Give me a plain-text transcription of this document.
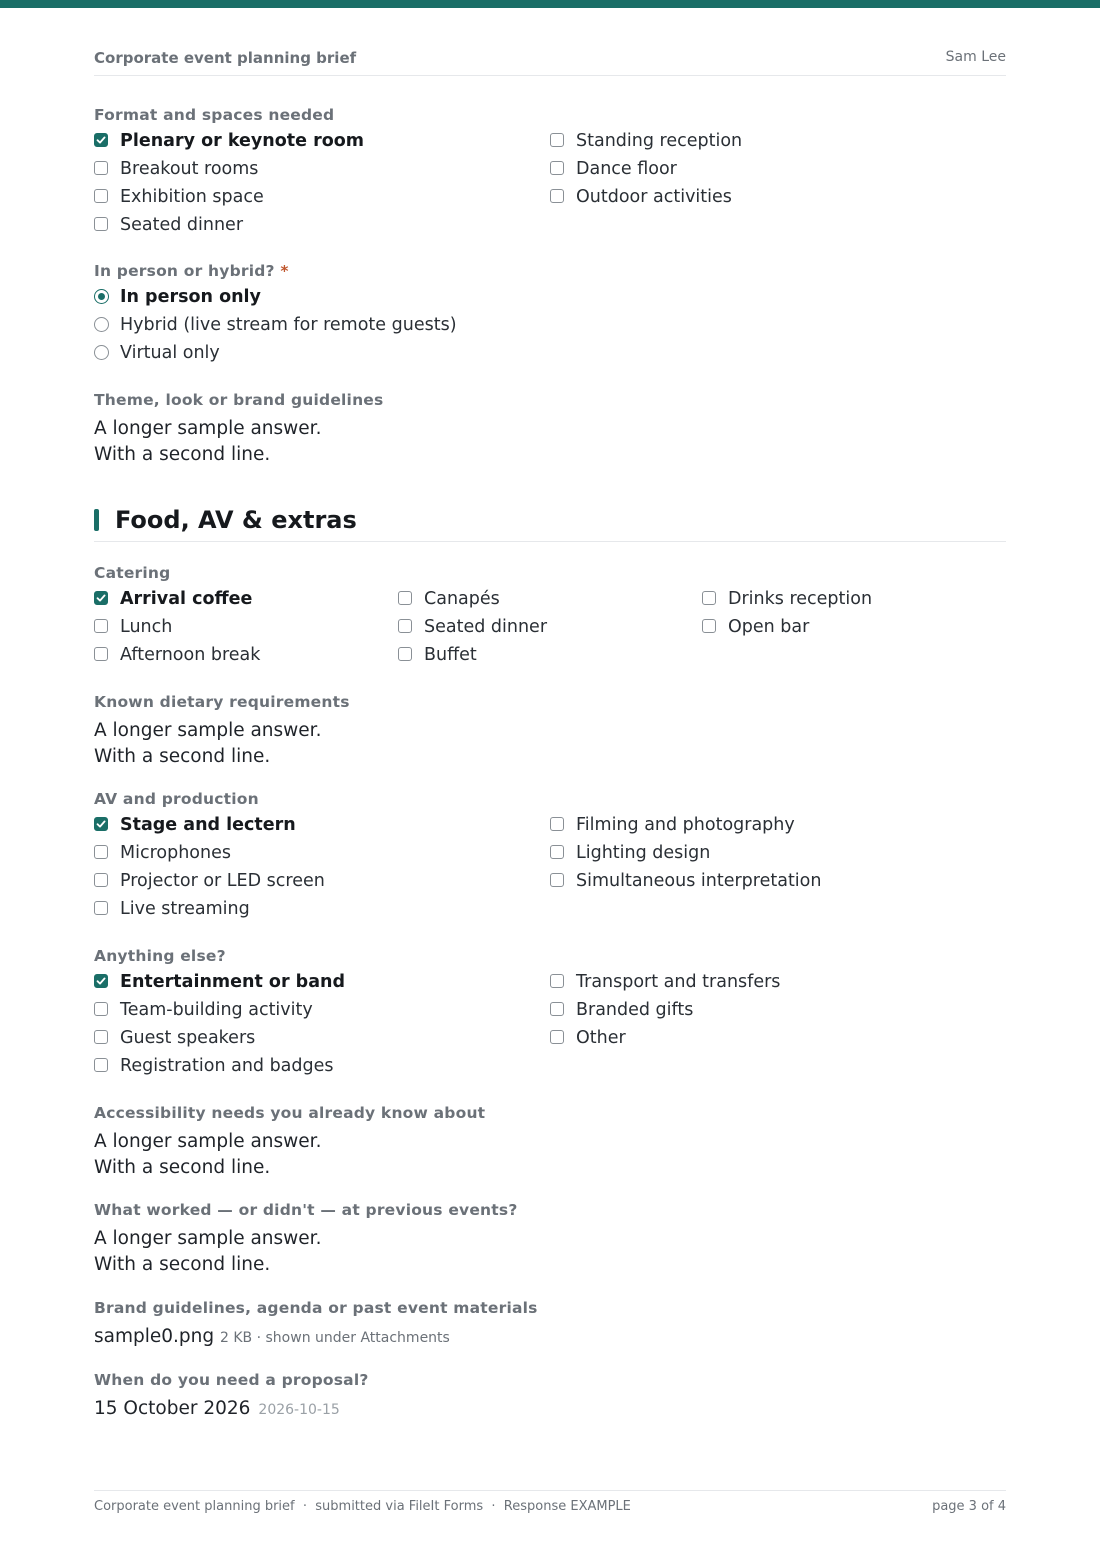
Corporate event planning brief	Sam Lee
Format and spaces needed
Plenary or keynote room
Breakout rooms
Exhibition space
Seated dinner
Standing reception
Dance floor
Outdoor activities
In person or hybrid? *
In person only
Hybrid (live stream for remote guests)
Virtual only
Theme, look or brand guidelines
A longer sample answer.
With a second line.
Food, AV & extras
Catering
Arrival coffee
Lunch
Afternoon break
Canapés
Seated dinner
Buffet
Drinks reception
Open bar
Known dietary requirements
A longer sample answer.
With a second line.
AV and production
Stage and lectern
Microphones
Projector or LED screen
Live streaming
Filming and photography
Lighting design
Simultaneous interpretation
Anything else?
Entertainment or band
Team-building activity
Guest speakers
Registration and badges
Transport and transfers
Branded gifts
Other
Accessibility needs you already know about
A longer sample answer.
With a second line.
What worked — or didn't — at previous events?
A longer sample answer.
With a second line.
Brand guidelines, agenda or past event materials
sample0.png 2 KB · shown under Attachments
When do you need a proposal?
15 October 2026 2026-10-15
Corporate event planning brief  ·  submitted via FileIt Forms  ·  Response EXAMPLE	page 3 of 4
